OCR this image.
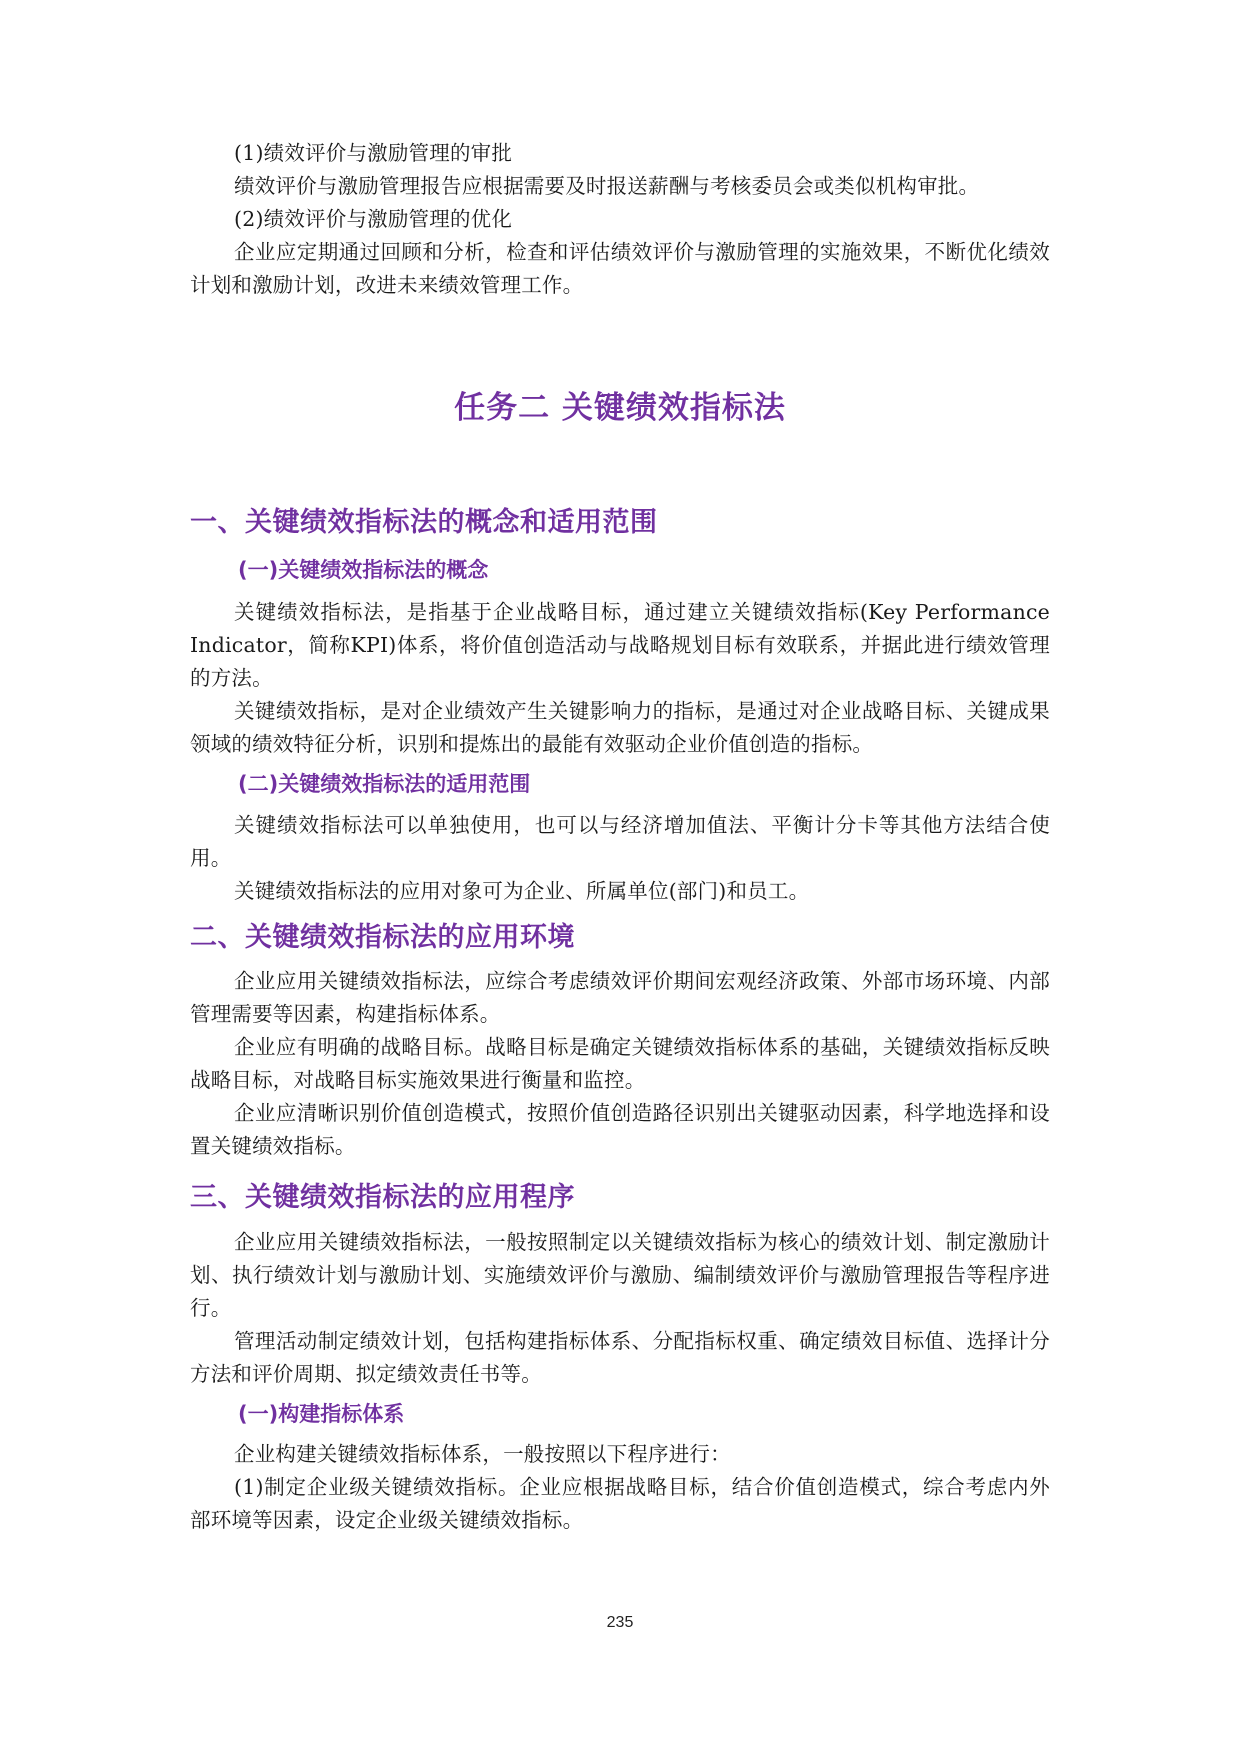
(1)绩效评价与激励管理的审批

绩效评价与激励管理报告应根据需要及时报送薪酬与考核委员会或类似机构审批。

(2)绩效评价与激励管理的优化

企业应定期通过回顾和分析，检查和评估绩效评价与激励管理的实施效果，不断优化绩效计划和激励计划，改进未来绩效管理工作。

任务二 关键绩效指标法
一、关键绩效指标法的概念和适用范围
(一)关键绩效指标法的概念

关键绩效指标法，是指基于企业战略目标，通过建立关键绩效指标(Key Performance Indicator，简称KPI)体系，将价值创造活动与战略规划目标有效联系，并据此进行绩效管理的方法。

关键绩效指标，是对企业绩效产生关键影响力的指标，是通过对企业战略目标、关键成果领域的绩效特征分析，识别和提炼出的最能有效驱动企业价值创造的指标。

(二)关键绩效指标法的适用范围

关键绩效指标法可以单独使用，也可以与经济增加值法、平衡计分卡等其他方法结合使用。

关键绩效指标法的应用对象可为企业、所属单位(部门)和员工。

二、关键绩效指标法的应用环境

企业应用关键绩效指标法，应综合考虑绩效评价期间宏观经济政策、外部市场环境、内部管理需要等因素，构建指标体系。

企业应有明确的战略目标。战略目标是确定关键绩效指标体系的基础，关键绩效指标反映战略目标，对战略目标实施效果进行衡量和监控。

企业应清晰识别价值创造模式，按照价值创造路径识别出关键驱动因素，科学地选择和设置关键绩效指标。

三、关键绩效指标法的应用程序

企业应用关键绩效指标法，一般按照制定以关键绩效指标为核心的绩效计划、制定激励计划、执行绩效计划与激励计划、实施绩效评价与激励、编制绩效评价与激励管理报告等程序进行。

管理活动制定绩效计划，包括构建指标体系、分配指标权重、确定绩效目标值、选择计分方法和评价周期、拟定绩效责任书等。

(一)构建指标体系

企业构建关键绩效指标体系，一般按照以下程序进行：

(1)制定企业级关键绩效指标。企业应根据战略目标，结合价值创造模式，综合考虑内外部环境等因素，设定企业级关键绩效指标。

235
